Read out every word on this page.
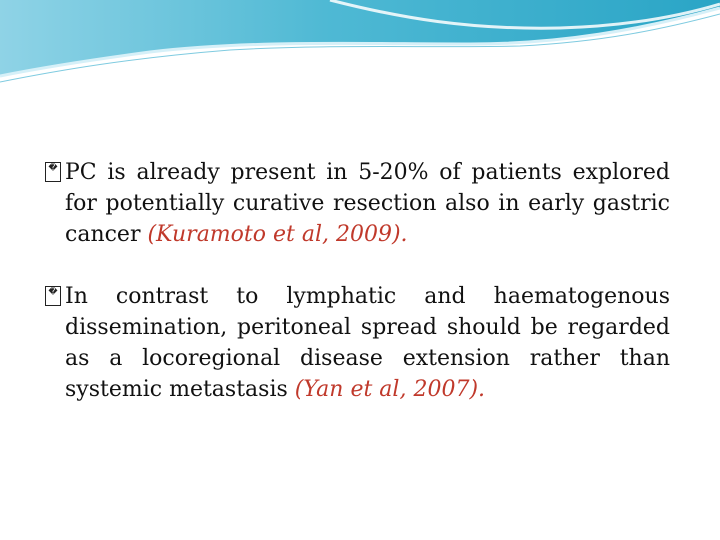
� PC is already present in 5-20% of patients explored for potentially curative resection also in early gastric cancer (Kuramoto et al, 2009).

� In contrast to lymphatic and haematogenous dissemination, peritoneal spread should be regarded as a locoregional disease extension rather than systemic metastasis (Yan et al, 2007).
